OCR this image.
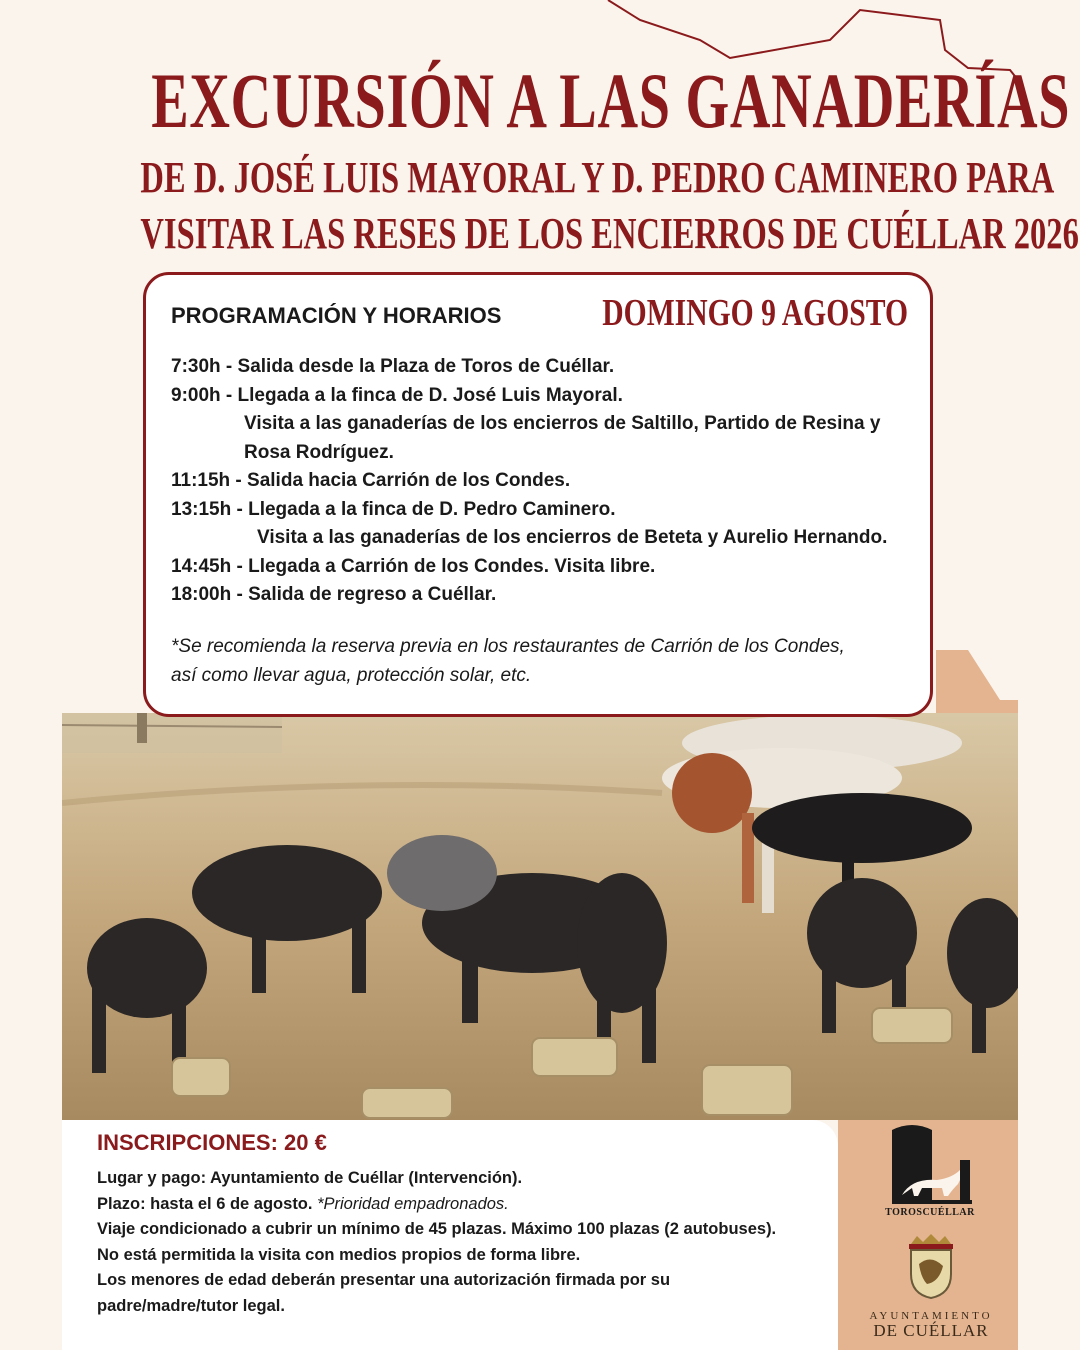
EXCURSIÓN A LAS GANADERÍAS
DE D. JOSÉ LUIS MAYORAL Y D. PEDRO CAMINERO PARA
VISITAR LAS RESES DE LOS ENCIERROS DE CUÉLLAR 2026
PROGRAMACIÓN Y HORARIOS	DOMINGO 9 AGOSTO
7:30h - Salida desde la Plaza de Toros de Cuéllar.
9:00h - Llegada a la finca de D. José Luis Mayoral.
Visita a las ganaderías de los encierros de Saltillo, Partido de Resina y
Rosa Rodríguez.
11:15h - Salida hacia Carrión de los Condes.
13:15h - Llegada a la finca de D. Pedro Caminero.
Visita a las ganaderías de los encierros de Beteta y Aurelio Hernando.
14:45h - Llegada a Carrión de los Condes. Visita libre.
18:00h - Salida de regreso a Cuéllar.
*Se recomienda la reserva previa en los restaurantes de Carrión de los Condes,
así como llevar agua, protección solar, etc.
INSCRIPCIONES: 20 €
Lugar y pago: Ayuntamiento de Cuéllar (Intervención).
Plazo: hasta el 6 de agosto. *Prioridad empadronados.
Viaje condicionado a cubrir un mínimo de 45 plazas. Máximo 100 plazas (2 autobuses).
No está permitida la visita con medios propios de forma libre.
Los menores de edad deberán presentar una autorización firmada por su
padre/madre/tutor legal.
TOROSCUÉLLAR
AYUNTAMIENTO
DE CUÉLLAR
